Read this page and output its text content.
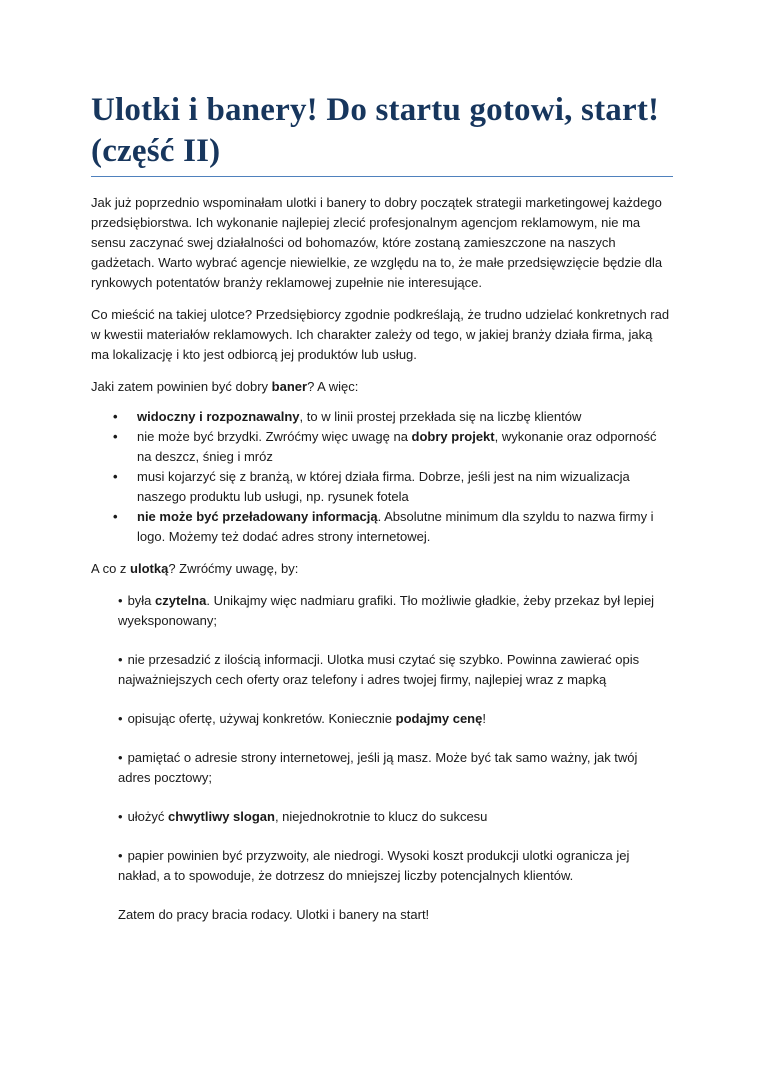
Ulotki i banery! Do startu gotowi, start!(część II)

Jak już poprzednio wspominałam ulotki i banery to dobry początek strategii marketingowej każdego przedsiębiorstwa. Ich wykonanie najlepiej zlecić profesjonalnym agencjom reklamowym, nie ma sensu zaczynać swej działalności od bohomazów, które zostaną zamieszczone na naszych gadżetach. Warto wybrać agencje niewielkie, ze względu na to, że małe przedsięwzięcie będzie dla rynkowych potentatów branży reklamowej zupełnie nie interesujące.

Co mieścić na takiej ulotce? Przedsiębiorcy zgodnie podkreślają, że trudno udzielać konkretnych rad w kwestii materiałów reklamowych. Ich charakter zależy od tego, w jakiej branży działa firma, jaką ma lokalizację i kto jest odbiorcą jej produktów lub usług.

Jaki zatem powinien być dobry baner? A więc:

• widoczny i rozpoznawalny, to w linii prostej przekłada się na liczbę klientów
• nie może być brzydki. Zwróćmy więc uwagę na dobry projekt, wykonanie oraz odporność na deszcz, śnieg i mróz
• musi kojarzyć się z branżą, w której działa firma. Dobrze, jeśli jest na nim wizualizacja naszego produktu lub usługi, np. rysunek fotela
• nie może być przeładowany informacją. Absolutne minimum dla szyldu to nazwa firmy i logo. Możemy też dodać adres strony internetowej.

A co z ulotką? Zwróćmy uwagę, by:

• była czytelna. Unikajmy więc nadmiaru grafiki. Tło możliwie gładkie, żeby przekaz był lepiej wyeksponowany;

• nie przesadzić z ilością informacji. Ulotka musi czytać się szybko. Powinna zawierać opis najważniejszych cech oferty oraz telefony i adres twojej firmy, najlepiej wraz z mapką

• opisując ofertę, używaj konkretów. Koniecznie podajmy cenę!

• pamiętać o adresie strony internetowej, jeśli ją masz. Może być tak samo ważny, jak twój adres pocztowy;

• ułożyć chwytliwy slogan, niejednokrotnie to klucz do sukcesu

• papier powinien być przyzwoity, ale niedrogi. Wysoki koszt produkcji ulotki ogranicza jej nakład, a to spowoduje, że dotrzesz do mniejszej liczby potencjalnych klientów.

Zatem do pracy bracia rodacy. Ulotki i banery na start!
